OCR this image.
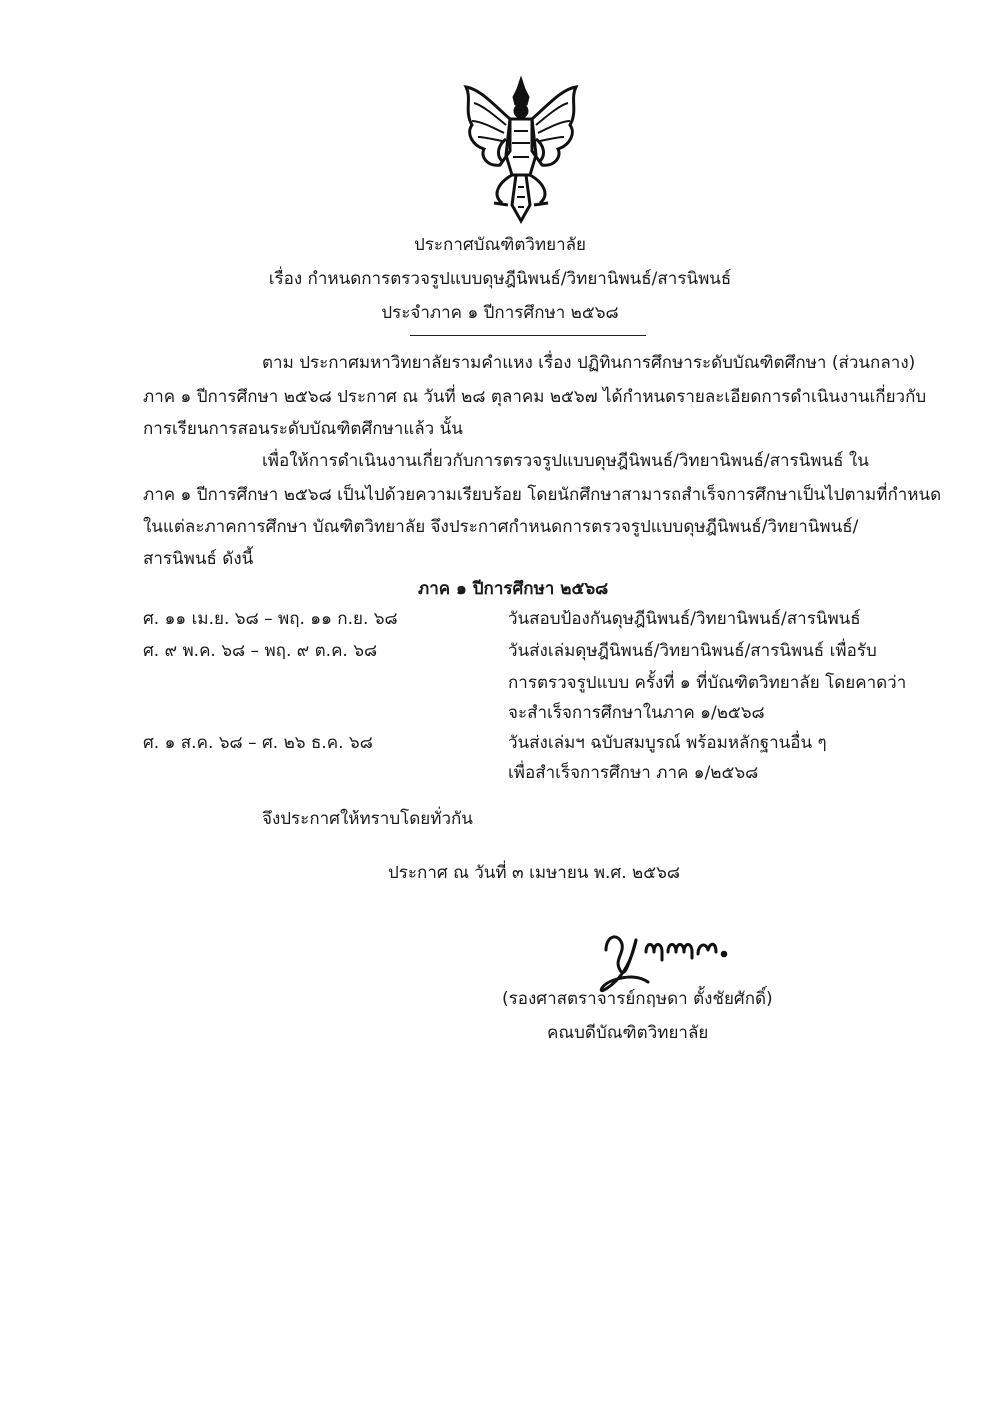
ประกาศบัณฑิตวิทยาลัย
เรื่อง กำหนดการตรวจรูปแบบดุษฎีนิพนธ์/วิทยานิพนธ์/สารนิพนธ์
ประจำภาค ๑ ปีการศึกษา ๒๕๖๘
ตาม ประกาศมหาวิทยาลัยรามคำแหง เรื่อง ปฏิทินการศึกษาระดับบัณฑิตศึกษา (ส่วนกลาง)
ภาค ๑ ปีการศึกษา ๒๕๖๘ ประกาศ ณ วันที่ ๒๘ ตุลาคม ๒๕๖๗ ได้กำหนดรายละเอียดการดำเนินงานเกี่ยวกับ
การเรียนการสอนระดับบัณฑิตศึกษาแล้ว นั้น
เพื่อให้การดำเนินงานเกี่ยวกับการตรวจรูปแบบดุษฎีนิพนธ์/วิทยานิพนธ์/สารนิพนธ์ ใน
ภาค ๑ ปีการศึกษา ๒๕๖๘ เป็นไปด้วยความเรียบร้อย โดยนักศึกษาสามารถสำเร็จการศึกษาเป็นไปตามที่กำหนด
ในแต่ละภาคการศึกษา บัณฑิตวิทยาลัย จึงประกาศกำหนดการตรวจรูปแบบดุษฎีนิพนธ์/วิทยานิพนธ์/
สารนิพนธ์ ดังนี้
ภาค ๑ ปีการศึกษา ๒๕๖๘
ศ. ๑๑ เม.ย. ๖๘ – พฤ. ๑๑ ก.ย. ๖๘	วันสอบป้องกันดุษฎีนิพนธ์/วิทยานิพนธ์/สารนิพนธ์
ศ. ๙ พ.ค. ๖๘ – พฤ. ๙ ต.ค. ๖๘	วันส่งเล่มดุษฎีนิพนธ์/วิทยานิพนธ์/สารนิพนธ์ เพื่อรับ
การตรวจรูปแบบ ครั้งที่ ๑ ที่บัณฑิตวิทยาลัย โดยคาดว่า
จะสำเร็จการศึกษาในภาค ๑/๒๕๖๘
ศ. ๑ ส.ค. ๖๘ – ศ. ๒๖ ธ.ค. ๖๘	วันส่งเล่มฯ ฉบับสมบูรณ์ พร้อมหลักฐานอื่น ๆ
เพื่อสำเร็จการศึกษา ภาค ๑/๒๕๖๘
จึงประกาศให้ทราบโดยทั่วกัน
ประกาศ ณ วันที่ ๓ เมษายน พ.ศ. ๒๕๖๘
(รองศาสตราจารย์กฤษดา ตั้งชัยศักดิ์)
คณบดีบัณฑิตวิทยาลัย
